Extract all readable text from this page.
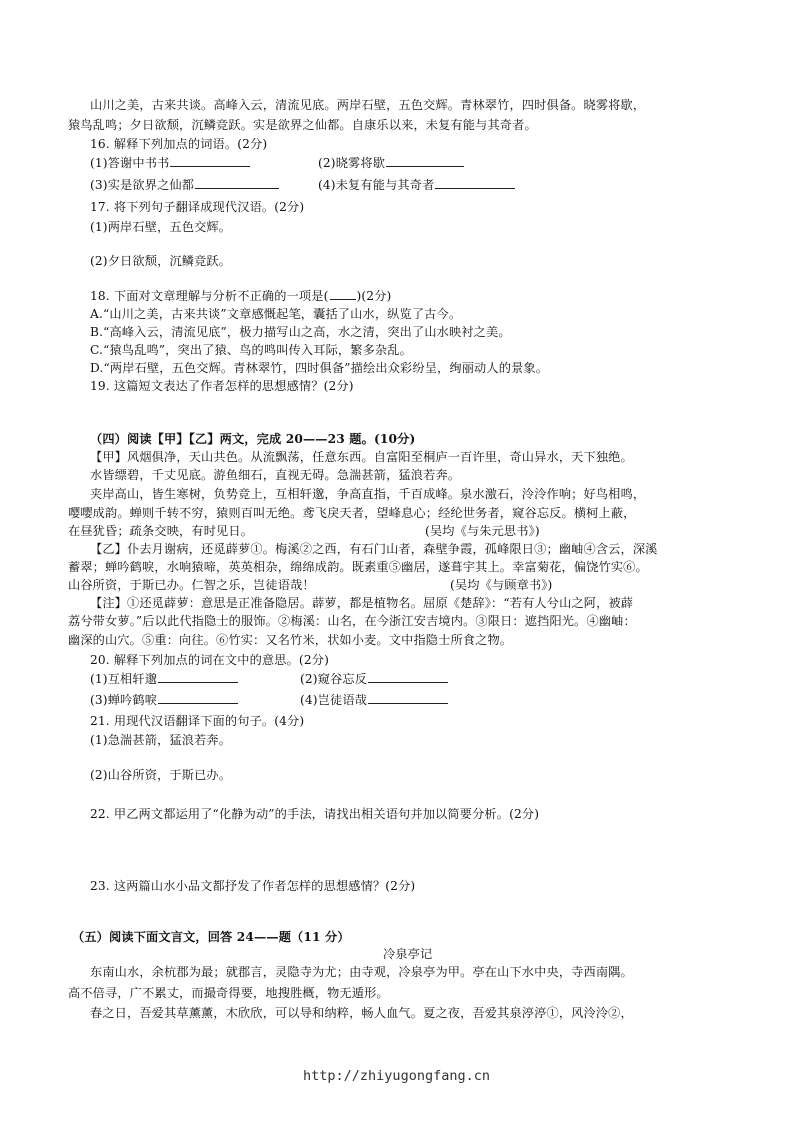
山川之美，古来共谈。高峰入云，清流见底。两岸石壁，五色交辉。青林翠竹，四时俱备。晓雾将歇，
猿鸟乱鸣；夕日欲颓，沉鳞竞跃。实是欲界之仙都。自康乐以来，未复有能与其奇者。
16. 解释下列加点的词语。(2分)
(1)答谢中书书	(2)晓雾将歇
(3)实是欲界之仙都	(4)未复有能与其奇者
17. 将下列句子翻译成现代汉语。(2分)
(1)两岸石壁，五色交辉。
(2)夕日欲颓，沉鳞竞跃。
18. 下面对文章理解与分析不正确的一项是( )(2分)
A.“山川之美，古来共谈”文章感慨起笔，囊括了山水，纵览了古今。
B.“高峰入云，清流见底”，极力描写山之高，水之清，突出了山水映衬之美。
C.“猿鸟乱鸣”，突出了猿、鸟的鸣叫传入耳际，繁多杂乱。
D.“两岸石壁，五色交辉。青林翠竹，四时俱备”描绘出众彩纷呈，绚丽动人的景象。
19. 这篇短文表达了作者怎样的思想感情？(2分)
（四）阅读【甲】【乙】两文，完成 20——23 题。(10分)
【甲】风烟俱净，天山共色。从流飘荡，任意东西。自富阳至桐庐一百许里，奇山异水，天下独绝。
水皆缥碧，千丈见底。游鱼细石，直视无碍。急湍甚箭，猛浪若奔。
夹岸高山，皆生寒树，负势竞上，互相轩邈，争高直指，千百成峰。泉水激石，泠泠作响；好鸟相鸣，
嘤嘤成韵。蝉则千转不穷，猿则百叫无绝。鸢飞戾天者，望峰息心；经纶世务者，窥谷忘反。横柯上蔽，
在昼犹昏；疏条交映，有时见日。	(吴均《与朱元思书》)
【乙】仆去月谢病，还觅薜萝①。梅溪②之西，有石门山者，森壁争霞，孤峰限日③；幽岫④含云，深溪
蓄翠；蝉吟鹤唳，水响猿啼，英英相杂，绵绵成韵。既素重⑤幽居，遂葺宇其上。幸富菊花，偏饶竹实⑥。
山谷所资，于斯已办。仁智之乐，岂徒语哉！	(吴均《与顾章书》)
【注】①还觅薜萝：意思是正准备隐居。薜萝，都是植物名。屈原《楚辞》：“若有人兮山之阿，被薜
荔兮带女萝。”后以此代指隐士的服饰。②梅溪：山名，在今浙江安吉境内。③限日：遮挡阳光。④幽岫：
幽深的山穴。⑤重：向往。⑥竹实：又名竹米，状如小麦。文中指隐士所食之物。
20. 解释下列加点的词在文中的意思。(2分)
(1)互相轩邈	(2)窥谷忘反
(3)蝉吟鹤唳	(4)岂徒语哉
21. 用现代汉语翻译下面的句子。(4分)
(1)急湍甚箭，猛浪若奔。
(2)山谷所资，于斯已办。
22. 甲乙两文都运用了“化静为动”的手法，请找出相关语句并加以简要分析。(2分)
23. 这两篇山水小品文都抒发了作者怎样的思想感情？(2分)
（五）阅读下面文言文，回答 24——题（11 分）
冷泉亭记
东南山水，余杭郡为最；就郡言，灵隐寺为尤；由寺观，冷泉亭为甲。亭在山下水中央，寺西南隅。
高不倍寻，广不累丈，而撮奇得要，地搜胜概，物无遁形。
春之日，吾爱其草薰薰，木欣欣，可以导和纳粹，畅人血气。夏之夜，吾爱其泉渟渟①，风泠泠②，
http://zhiyugongfang.cn
